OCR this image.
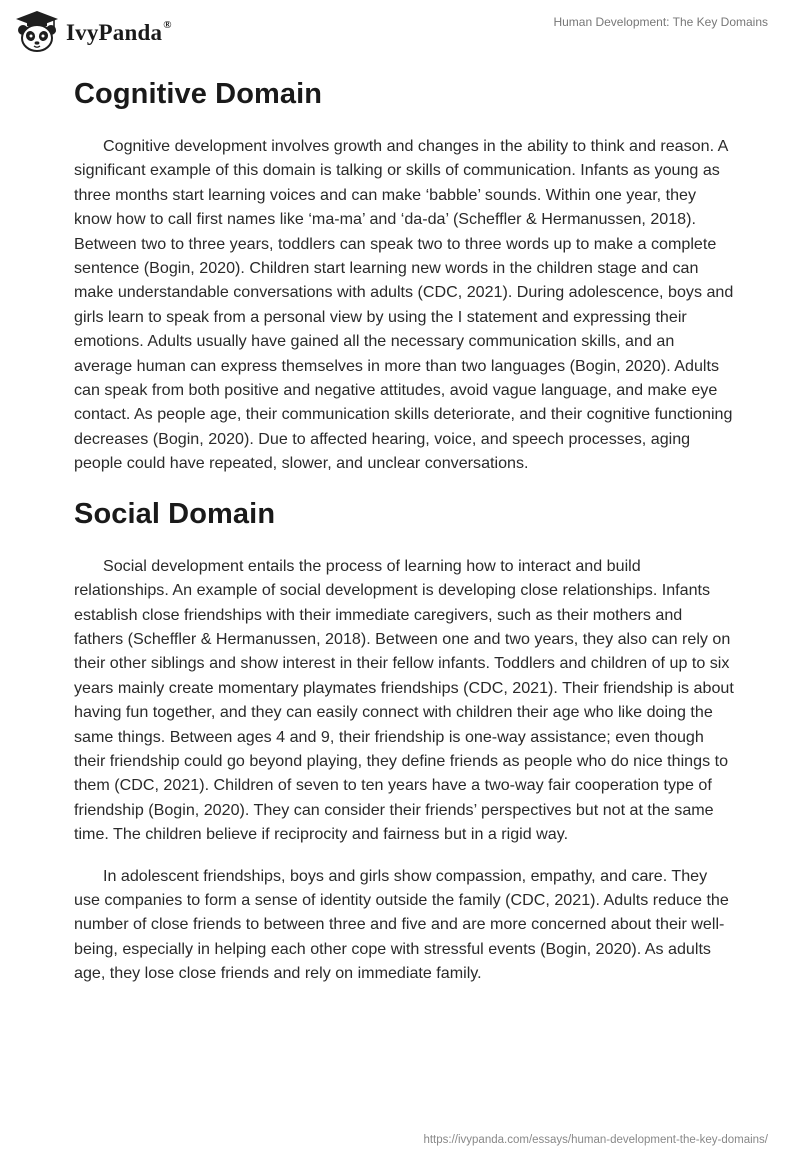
IvyPanda®	Human Development: The Key Domains
Cognitive Domain

Cognitive development involves growth and changes in the ability to think and reason. A significant example of this domain is talking or skills of communication. Infants as young as three months start learning voices and can make ‘babble’ sounds. Within one year, they know how to call first names like ‘ma-ma’ and ‘da-da’ (Scheffler & Hermanussen, 2018). Between two to three years, toddlers can speak two to three words up to make a complete sentence (Bogin, 2020). Children start learning new words in the children stage and can make understandable conversations with adults (CDC, 2021). During adolescence, boys and girls learn to speak from a personal view by using the I statement and expressing their emotions. Adults usually have gained all the necessary communication skills, and an average human can express themselves in more than two languages (Bogin, 2020). Adults can speak from both positive and negative attitudes, avoid vague language, and make eye contact. As people age, their communication skills deteriorate, and their cognitive functioning decreases (Bogin, 2020). Due to affected hearing, voice, and speech processes, aging people could have repeated, slower, and unclear conversations.

Social Domain

Social development entails the process of learning how to interact and build relationships. An example of social development is developing close relationships. Infants establish close friendships with their immediate caregivers, such as their mothers and fathers (Scheffler & Hermanussen, 2018). Between one and two years, they also can rely on their other siblings and show interest in their fellow infants. Toddlers and children of up to six years mainly create momentary playmates friendships (CDC, 2021). Their friendship is about having fun together, and they can easily connect with children their age who like doing the same things. Between ages 4 and 9, their friendship is one-way assistance; even though their friendship could go beyond playing, they define friends as people who do nice things to them (CDC, 2021). Children of seven to ten years have a two-way fair cooperation type of friendship (Bogin, 2020). They can consider their friends’ perspectives but not at the same time. The children believe if reciprocity and fairness but in a rigid way.

In adolescent friendships, boys and girls show compassion, empathy, and care. They use companies to form a sense of identity outside the family (CDC, 2021). Adults reduce the number of close friends to between three and five and are more concerned about their well-being, especially in helping each other cope with stressful events (Bogin, 2020). As adults age, they lose close friends and rely on immediate family.

https://ivypanda.com/essays/human-development-the-key-domains/
